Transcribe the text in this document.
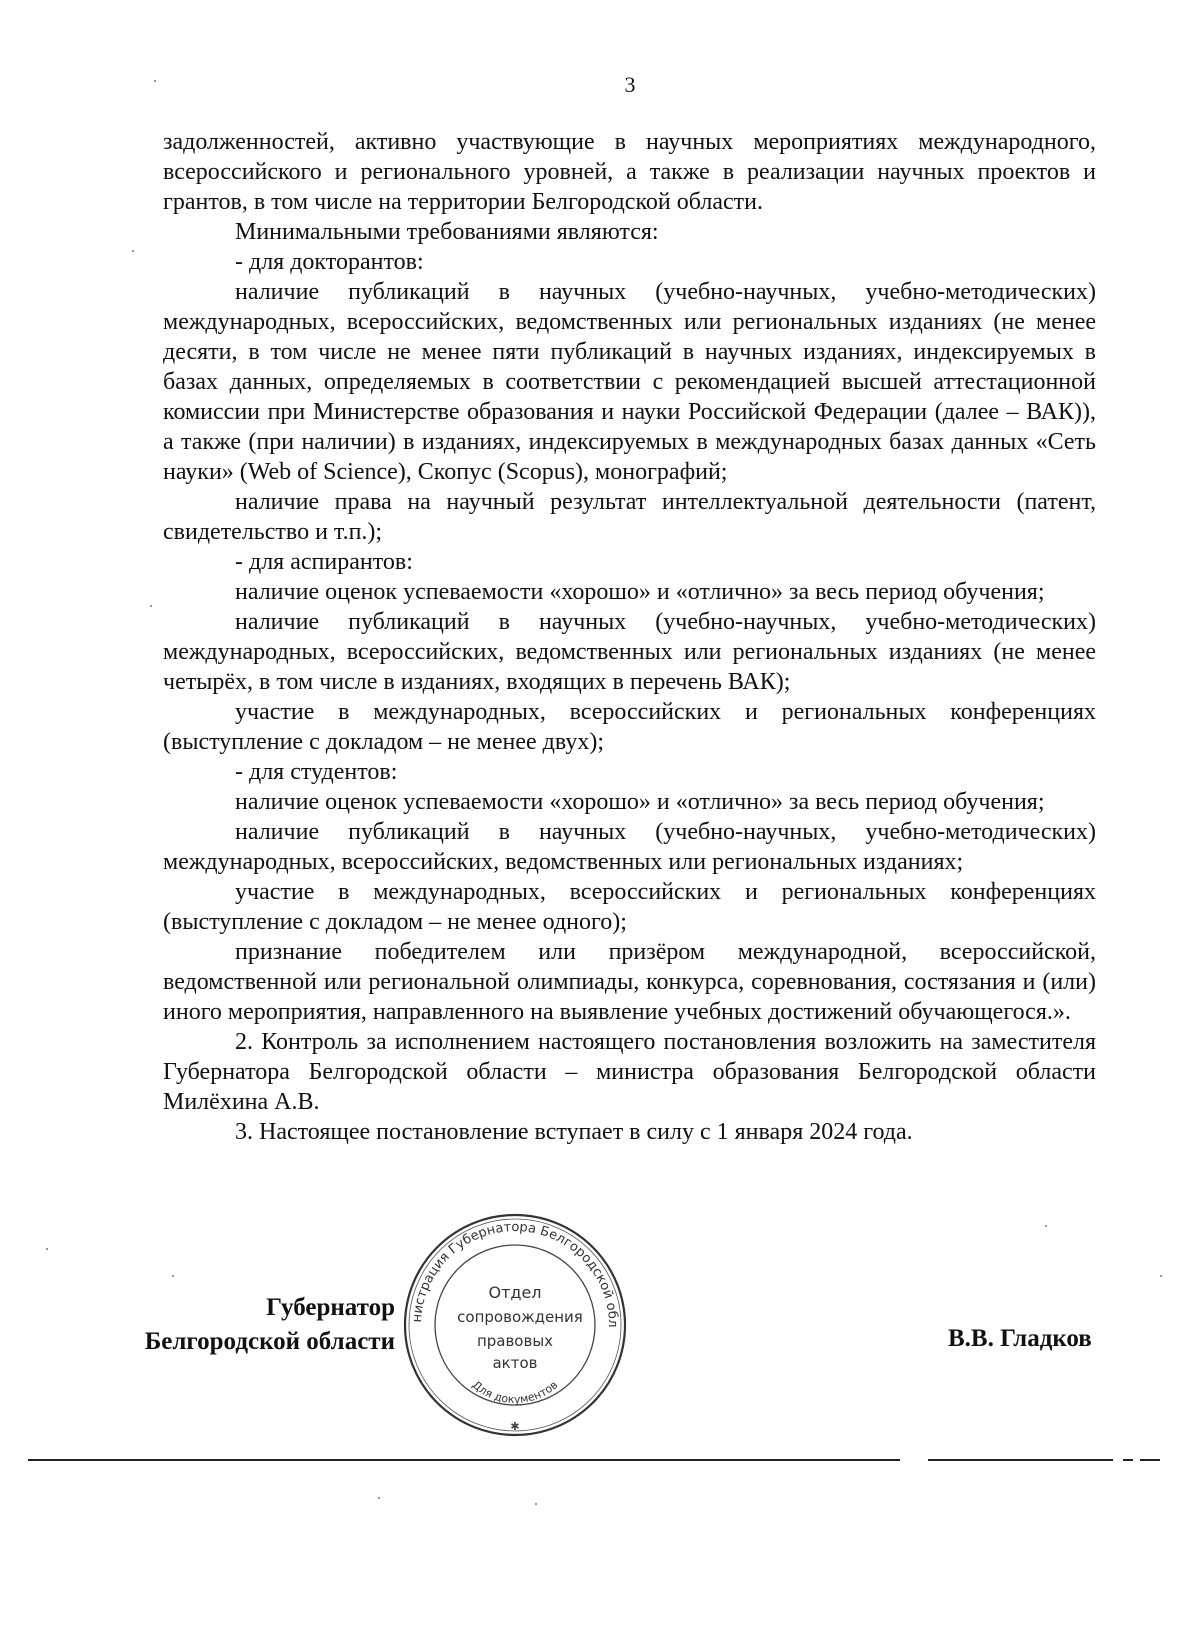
3

задолженностей, активно участвующие в научных мероприятиях международного, всероссийского и регионального уровней, а также в реализации научных проектов и грантов, в том числе на территории Белгородской области.

Минимальными требованиями являются:

- для докторантов:

наличие публикаций в научных (учебно-научных, учебно-методических) международных, всероссийских, ведомственных или региональных изданиях (не менее десяти, в том числе не менее пяти публикаций в научных изданиях, индексируемых в базах данных, определяемых в соответствии с рекомендацией высшей аттестационной комиссии при Министерстве образования и науки Российской Федерации (далее – ВАК)), а также (при наличии) в изданиях, индексируемых в международных базах данных «Сеть науки» (Web of Science), Скопус (Scopus), монографий;

наличие права на научный результат интеллектуальной деятельности (патент, свидетельство и т.п.);

- для аспирантов:

наличие оценок успеваемости «хорошо» и «отлично» за весь период обучения;

наличие публикаций в научных (учебно-научных, учебно-методических) международных, всероссийских, ведомственных или региональных изданиях (не менее четырёх, в том числе в изданиях, входящих в перечень ВАК);

участие в международных, всероссийских и региональных конференциях (выступление с докладом – не менее двух);

- для студентов:

наличие оценок успеваемости «хорошо» и «отлично» за весь период обучения;

наличие публикаций в научных (учебно-научных, учебно-методических) международных, всероссийских, ведомственных или региональных изданиях;

участие в международных, всероссийских и региональных конференциях (выступление с докладом – не менее одного);

признание победителем или призёром международной, всероссийской, ведомственной или региональной олимпиады, конкурса, соревнования, состязания и (или) иного мероприятия, направленного на выявление учебных достижений обучающегося.».

2. Контроль за исполнением настоящего постановления возложить на заместителя Губернатора Белгородской области – министра образования Белгородской области Милёхина А.В.

3. Настоящее постановление вступает в силу с 1 января 2024 года.

Губернатор
Белгородской области	В.В. Гладков
нистрация Губернатора Белгородской обл
Для документов
✱
Отдел
сопровождения
правовых
актов
